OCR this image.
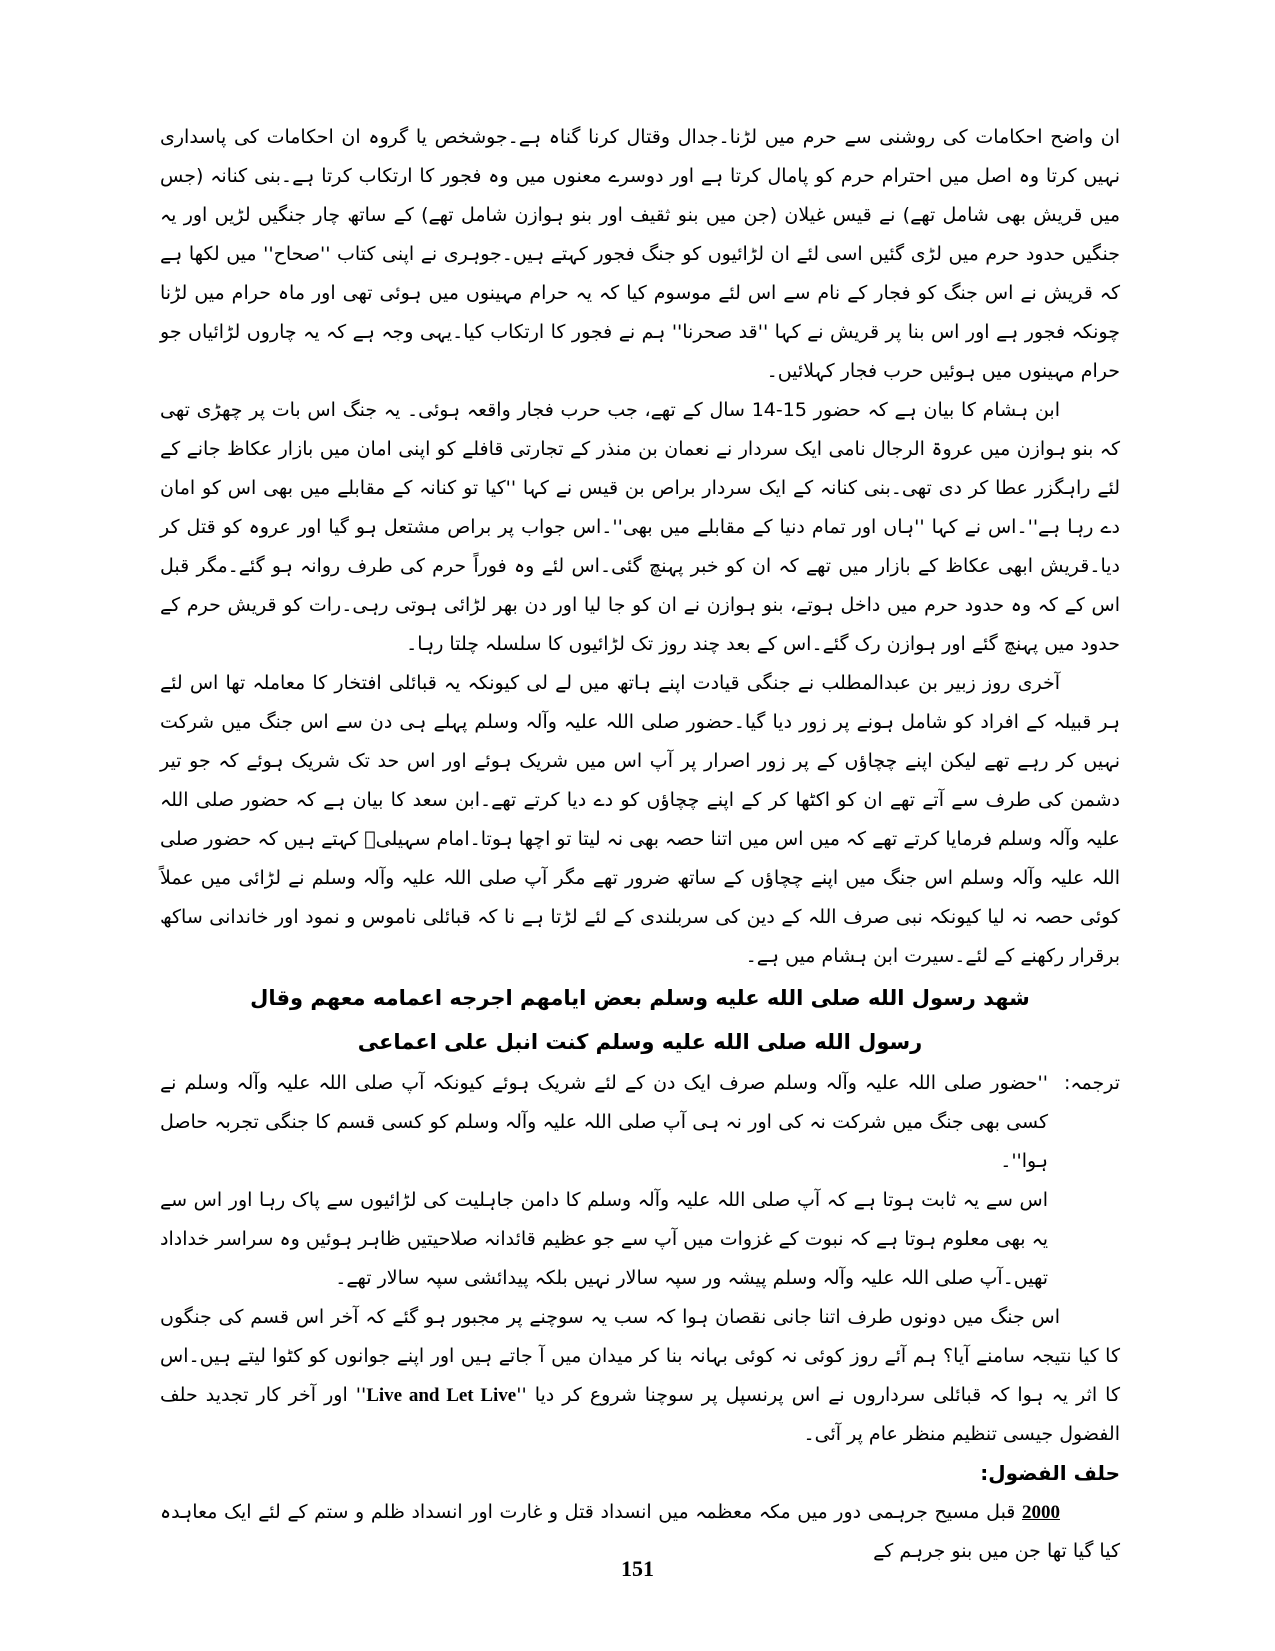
ان واضح احکامات کی روشنی سے حرم میں لڑنا۔جدال وقتال کرنا گناہ ہے۔جوشخص یا گروہ ان احکامات کی پاسداری نہیں کرتا وہ اصل میں احترام حرم کو پامال کرتا ہے اور دوسرے معنوں میں وہ فجور کا ارتکاب کرتا ہے۔بنی کنانہ (جس میں قریش بھی شامل تھے) نے قیس غیلان (جن میں بنو ثقیف اور بنو ہوازن شامل تھے) کے ساتھ چار جنگیں لڑیں اور یہ جنگیں حدود حرم میں لڑی گئیں اسی لئے ان لڑائیوں کو جنگ فجور کہتے ہیں۔جوہری نے اپنی کتاب ''صحاح'' میں لکھا ہے کہ قریش نے اس جنگ کو فجار کے نام سے اس لئے موسوم کیا کہ یہ حرام مہینوں میں ہوئی تھی اور ماہ حرام میں لڑنا چونکہ فجور ہے اور اس بنا پر قریش نے کہا ''قد صحرنا'' ہم نے فجور کا ارتکاب کیا۔یہی وجہ ہے کہ یہ چاروں لڑائیاں جو حرام مہینوں میں ہوئیں حرب فجار کہلائیں۔

ابن ہشام کا بیان ہے کہ حضور 15-14 سال کے تھے، جب حرب فجار واقعہ ہوئی۔ یہ جنگ اس بات پر چھڑی تھی کہ بنو ہوازن میں عروۃ الرجال نامی ایک سردار نے نعمان بن منذر کے تجارتی قافلے کو اپنی امان میں بازار عکاظ جانے کے لئے راہگزر عطا کر دی تھی۔بنی کنانہ کے ایک سردار براص بن قیس نے کہا ''کیا تو کنانہ کے مقابلے میں بھی اس کو امان دے رہا ہے''۔اس نے کہا ''ہاں اور تمام دنیا کے مقابلے میں بھی''۔اس جواب پر براص مشتعل ہو گیا اور عروہ کو قتل کر دیا۔قریش ابھی عکاظ کے بازار میں تھے کہ ان کو خبر پہنچ گئی۔اس لئے وہ فوراً حرم کی طرف روانہ ہو گئے۔مگر قبل اس کے کہ وہ حدود حرم میں داخل ہوتے، بنو ہوازن نے ان کو جا لیا اور دن بھر لڑائی ہوتی رہی۔رات کو قریش حرم کے حدود میں پہنچ گئے اور ہوازن رک گئے۔اس کے بعد چند روز تک لڑائیوں کا سلسلہ چلتا رہا۔

آخری روز زبیر بن عبدالمطلب نے جنگی قیادت اپنے ہاتھ میں لے لی کیونکہ یہ قبائلی افتخار کا معاملہ تھا اس لئے ہر قبیلہ کے افراد کو شامل ہونے پر زور دیا گیا۔حضور صلی اللہ علیہ وآلہ وسلم پہلے ہی دن سے اس جنگ میں شرکت نہیں کر رہے تھے لیکن اپنے چچاؤں کے پر زور اصرار پر آپ اس میں شریک ہوئے اور اس حد تک شریک ہوئے کہ جو تیر دشمن کی طرف سے آتے تھے ان کو اکٹھا کر کے اپنے چچاؤں کو دے دیا کرتے تھے۔ابن سعد کا بیان ہے کہ حضور صلی اللہ علیہ وآلہ وسلم فرمایا کرتے تھے کہ میں اس میں اتنا حصہ بھی نہ لیتا تو اچھا ہوتا۔امام سہیلیؒ کہتے ہیں کہ حضور صلی اللہ علیہ وآلہ وسلم اس جنگ میں اپنے چچاؤں کے ساتھ ضرور تھے مگر آپ صلی اللہ علیہ وآلہ وسلم نے لڑائی میں عملاً کوئی حصہ نہ لیا کیونکہ نبی صرف اللہ کے دین کی سربلندی کے لئے لڑتا ہے نا کہ قبائلی ناموس و نمود اور خاندانی ساکھ برقرار رکھنے کے لئے۔سیرت ابن ہشام میں ہے۔

شهد رسول الله صلى الله عليه وسلم بعض ايامهم اجرجه اعمامه معهم وقال

رسول الله صلى الله عليه وسلم كنت انبل على اعماعى

ترجمہ:
''حضور صلی اللہ علیہ وآلہ وسلم صرف ایک دن کے لئے شریک ہوئے کیونکہ آپ صلی اللہ علیہ وآلہ وسلم نے کسی بھی جنگ میں شرکت نہ کی اور نہ ہی آپ صلی اللہ علیہ وآلہ وسلم کو کسی قسم کا جنگی تجربہ حاصل ہوا''۔

اس سے یہ ثابت ہوتا ہے کہ آپ صلی اللہ علیہ وآلہ وسلم کا دامن جاہلیت کی لڑائیوں سے پاک رہا اور اس سے یہ بھی معلوم ہوتا ہے کہ نبوت کے غزوات میں آپ سے جو عظیم قائدانہ صلاحیتیں ظاہر ہوئیں وہ سراسر خداداد تھیں۔آپ صلی اللہ علیہ وآلہ وسلم پیشہ ور سپہ سالار نہیں بلکہ پیدائشی سپہ سالار تھے۔

اس جنگ میں دونوں طرف اتنا جانی نقصان ہوا کہ سب یہ سوچنے پر مجبور ہو گئے کہ آخر اس قسم کی جنگوں کا کیا نتیجہ سامنے آیا؟ ہم آئے روز کوئی نہ کوئی بہانہ بنا کر میدان میں آ جاتے ہیں اور اپنے جوانوں کو کٹوا لیتے ہیں۔اس کا اثر یہ ہوا کہ قبائلی سرداروں نے اس پرنسپل پر سوچنا شروع کر دیا ''Live and Let Live'' اور آخر کار تجدید حلف الفضول جیسی تنظیم منظر عام پر آئی۔

حلف الفضول:

2000 قبل مسیح جرہمی دور میں مکہ معظمہ میں انسداد قتل و غارت اور انسداد ظلم و ستم کے لئے ایک معاہدہ کیا گیا تھا جن میں بنو جرہم کے

151
